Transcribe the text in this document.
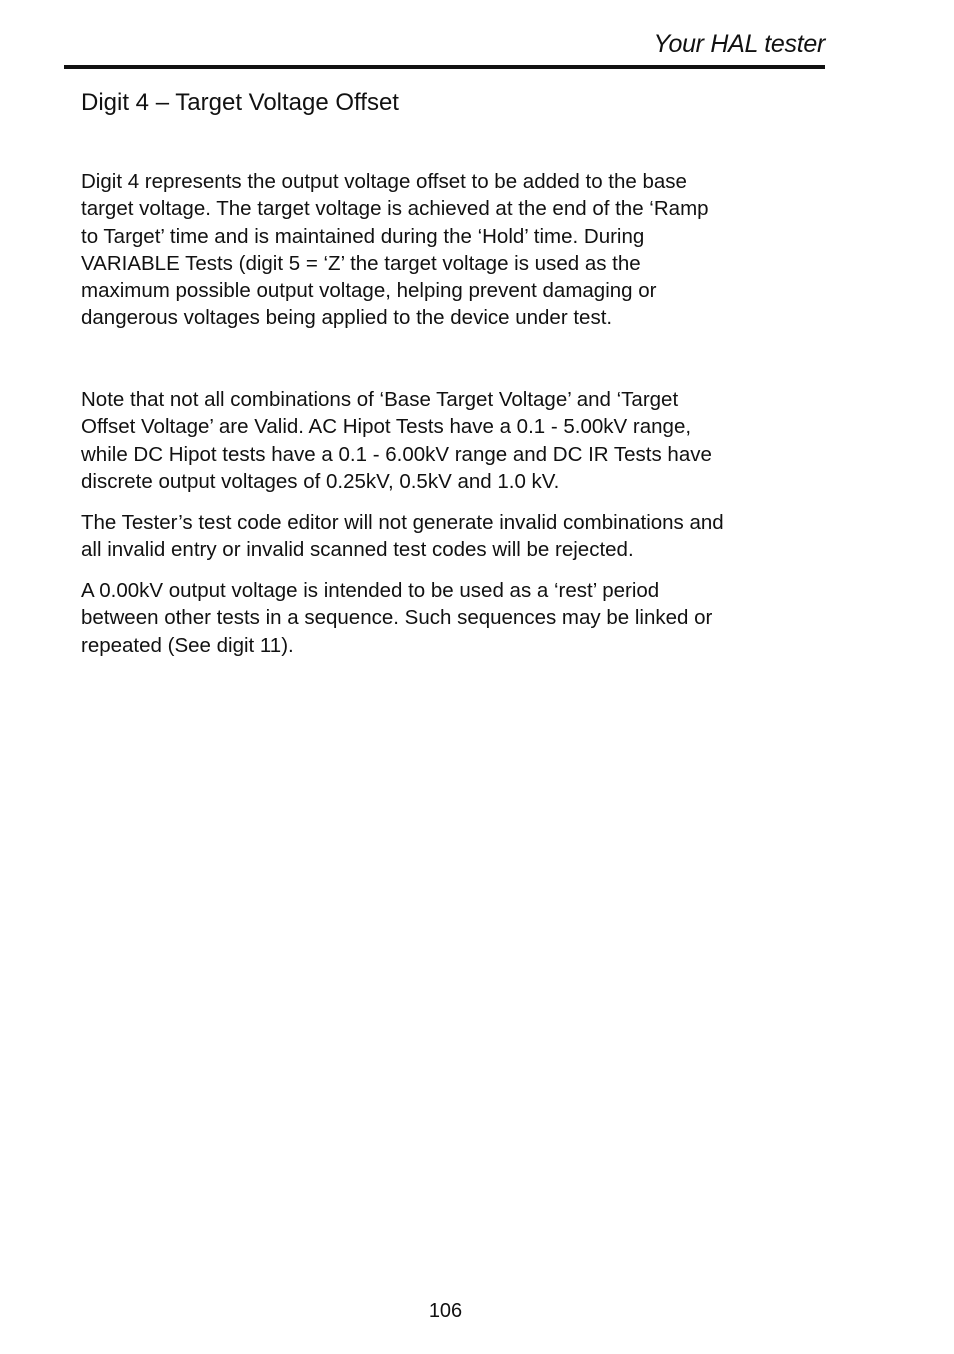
Your HAL tester
Digit 4 – Target Voltage Offset

Digit 4 represents the output voltage offset to be added to the base
target voltage. The target voltage is achieved at the end of the ‘Ramp
to Target’ time and is maintained during the ‘Hold’ time. During
VARIABLE Tests (digit 5 = ‘Z’ the target voltage is used as the
maximum possible output voltage, helping prevent damaging or
dangerous voltages being applied to the device under test.

Note that not all combinations of ‘Base Target Voltage’ and ‘Target
Offset Voltage’ are Valid. AC Hipot Tests have a 0.1 - 5.00kV range,
while DC Hipot tests have a 0.1 - 6.00kV range and DC IR Tests have
discrete output voltages of 0.25kV, 0.5kV and 1.0 kV.

The Tester’s test code editor will not generate invalid combinations and
all invalid entry or invalid scanned test codes will be rejected.

A 0.00kV output voltage is intended to be used as a ‘rest’ period
between other tests in a sequence. Such sequences may be linked or
repeated (See digit 11).

106
